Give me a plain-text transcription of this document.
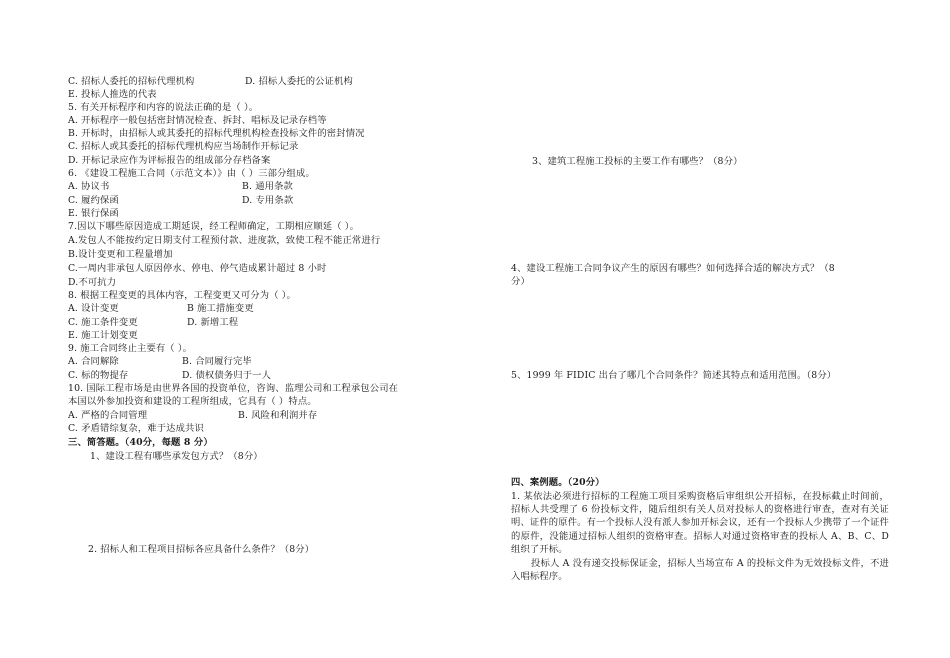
C. 招标人委托的招标代理机构	D. 招标人委托的公证机构
E. 投标人推选的代表
5. 有关开标程序和内容的说法正确的是（ ）。
A. 开标程序一般包括密封情况检查、拆封、唱标及记录存档等
B. 开标时，由招标人或其委托的招标代理机构检查投标文件的密封情况
C. 招标人或其委托的招标代理机构应当场制作开标记录
D. 开标记录应作为评标报告的组成部分存档备案
6. 《建设工程施工合同（示范文本）》由（ ）三部分组成。
A. 协议书	B. 通用条款
C. 履约保函	D. 专用条款
E. 银行保函
7.因以下哪些原因造成工期延误，经工程师确定，工期相应顺延（ ）。
A.发包人不能按约定日期支付工程预付款、进度款，致使工程不能正常进行
B.设计变更和工程量增加
C.一周内非承包人原因停水、停电、停气造成累计超过 8 小时
D.不可抗力
8. 根据工程变更的具体内容，工程变更又可分为（ ）。
A. 设计变更	B 施工措施变更
C. 施工条件变更	D. 新增工程
E. 施工计划变更
9. 施工合同终止主要有（ ）。
A. 合同解除	B. 合同履行完毕
C. 标的物提存	D. 债权债务归于一人
10. 国际工程市场是由世界各国的投资单位，咨询、监理公司和工程承包公司在
本国以外参加投资和建设的工程所组成，它具有（ ）特点。
A. 严格的合同管理	B. 风险和利润并存
C. 矛盾错综复杂，难于达成共识
三、简答题。（40分，每题 8 分）
1、建设工程有哪些承发包方式？（8分）
2. 招标人和工程项目招标各应具备什么条件？（8分）
3、建筑工程施工投标的主要工作有哪些？（8分）
4、建设工程施工合同争议产生的原因有哪些？如何选择合适的解决方式？（8
分）
5、1999 年 FIDIC 出台了哪几个合同条件？简述其特点和适用范围。（8分）
四、案例题。（20分）
1. 某依法必须进行招标的工程施工项目采购资格后审组织公开招标，在投标截止时间前，招标人共受理了 6 份投标文件，随后组织有关人员对投标人的资格进行审查，查对有关证明、证件的原件。有一个投标人没有派人参加开标会议，还有一个投标人少携带了一个证件的原件，没能通过招标人组织的资格审查。招标人对通过资格审查的投标人 A、B、C、D 组织了开标。
投标人 A 没有递交投标保证金，招标人当场宣布 A 的投标文件为无效投标文件，不进入唱标程序。
